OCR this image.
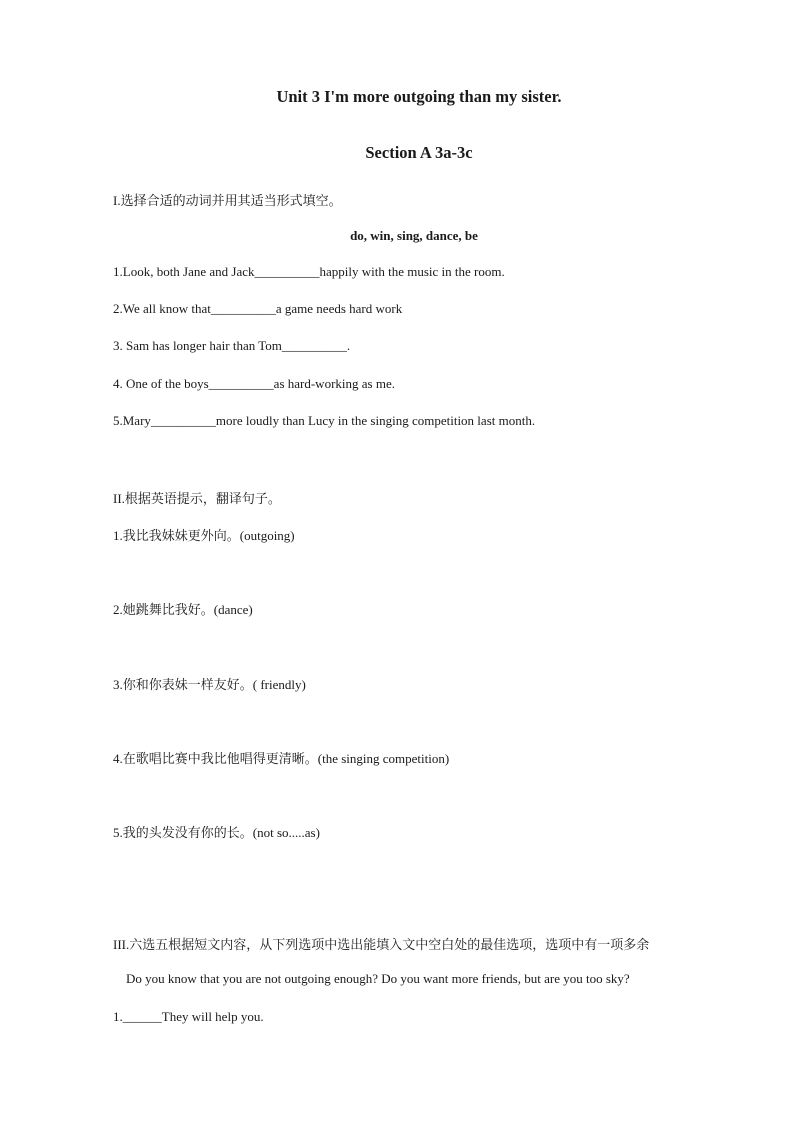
Unit 3 I'm more outgoing than my sister.
Section A 3a-3c

I.选择合适的动词并用其适当形式填空。

do, win, sing, dance, be

1.Look, both Jane and Jack__________happily with the music in the room.

2.We all know that__________a game needs hard work

3. Sam has longer hair than Tom__________.

4. One of the boys__________as hard-working as me.

5.Mary__________more loudly than Lucy in the singing competition last month.

II.根据英语提示，翻译句子。

1.我比我妹妹更外向。(outgoing)

2.她跳舞比我好。(dance)

3.你和你表妹一样友好。( friendly)

4.在歌唱比赛中我比他唱得更清晰。(the singing competition)

5.我的头发没有你的长。(not so.....as)

III.六选五根据短文内容，从下列选项中选出能填入文中空白处的最佳选项，选项中有一项多余

Do you know that you are not outgoing enough? Do you want more friends, but are you too sky?

1.______They will help you.
